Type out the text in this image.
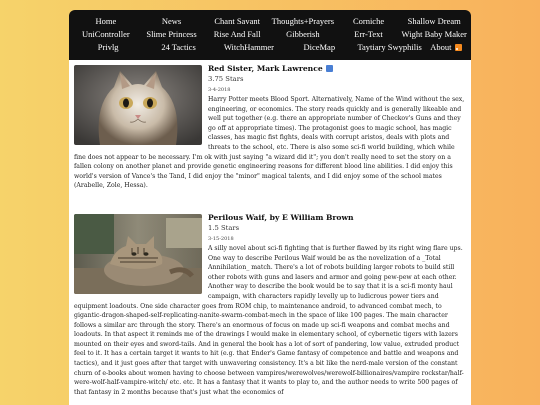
Home	News	Chant Savant	Thoughts+Prayers	Corniche	Shallow Dream
UniController	Slime Princess	Rise And Fall	Gibberish	Err-Text	Wight Baby Maker
Privlg	24 Tactics	WitchHammer	DiceMap	Taytiary Swyphilis	About
Red Sister, Mark Lawrence
3.75 Stars
3-4-2018

Harry Potter meets Blood Sport. Alternatively, Name of the Wind without the sex, engineering, or economics. The story reads quickly and is generally likeable and well put together (e.g. there an appropriate number of Checkov's Guns and they go off at appropriate times). The protagonist goes to magic school, has magic classes, has magic fist fights, deals with corrupt aristos, deals with plots and threats to the school, etc. There is also some sci-fi world building, which while fine does not appear to be necessary. I'm ok with just saying "a wizard did it"; you don't really need to set the story on a fallen colony on another planet and provide genetic engineering reasons for different blood line abilities. I did enjoy this world's version of Vance's the Tand, I did enjoy the "minor" magical talents, and I did enjoy some of the school mates (Arabelle, Zole, Hessa).

Perilous Waif, by E William Brown
1.5 Stars
3-15-2018

A silly novel about sci-fi fighting that is further flawed by its right wing flare ups. One way to describe Perilous Waif would be as the novelization of a _Total Annihilation_ match. There's a lot of robots building larger robots to build still other robots with guns and lasers and armor and going pew-pew at each other. Another way to describe the book would be to say that it is a sci-fi monty haul campaign, with characters rapidly levelly up to ludicrous power tiers and equipment loadouts. One side character goes from ROM chip, to maintenance android, to advanced combat mech, to gigantic-dragon-shaped-self-replicating-nanite-swarm-combat-mech in the space of like 100 pages. The main character follows a similar arc through the story. There's an enormous of focus on made up sci-fi weapons and combat mechs and loadouts. In that aspect it reminds me of the drawings I would make in elementary school, of cybernetic tigers with lazers mounted on their eyes and sword-tails. And in general the book has a lot of sort of pandering, low value, extruded product feel to it. It has a certain target it wants to hit (e.g. that Ender's Game fantasy of competence and battle and weapons and tactics), and it just goes after that target with unwavering consistency. It's a bit like the nerd-male version of the constant churn of e-books about women having to choose between vampires/werewolves/werewolf-billionaires/vampire rockstar/half-were-wolf-half-vampire-witch/ etc. etc. It has a fantasy that it wants to play to, and the author needs to write 500 pages of that fantasy in 2 months because that's just what the economics of
